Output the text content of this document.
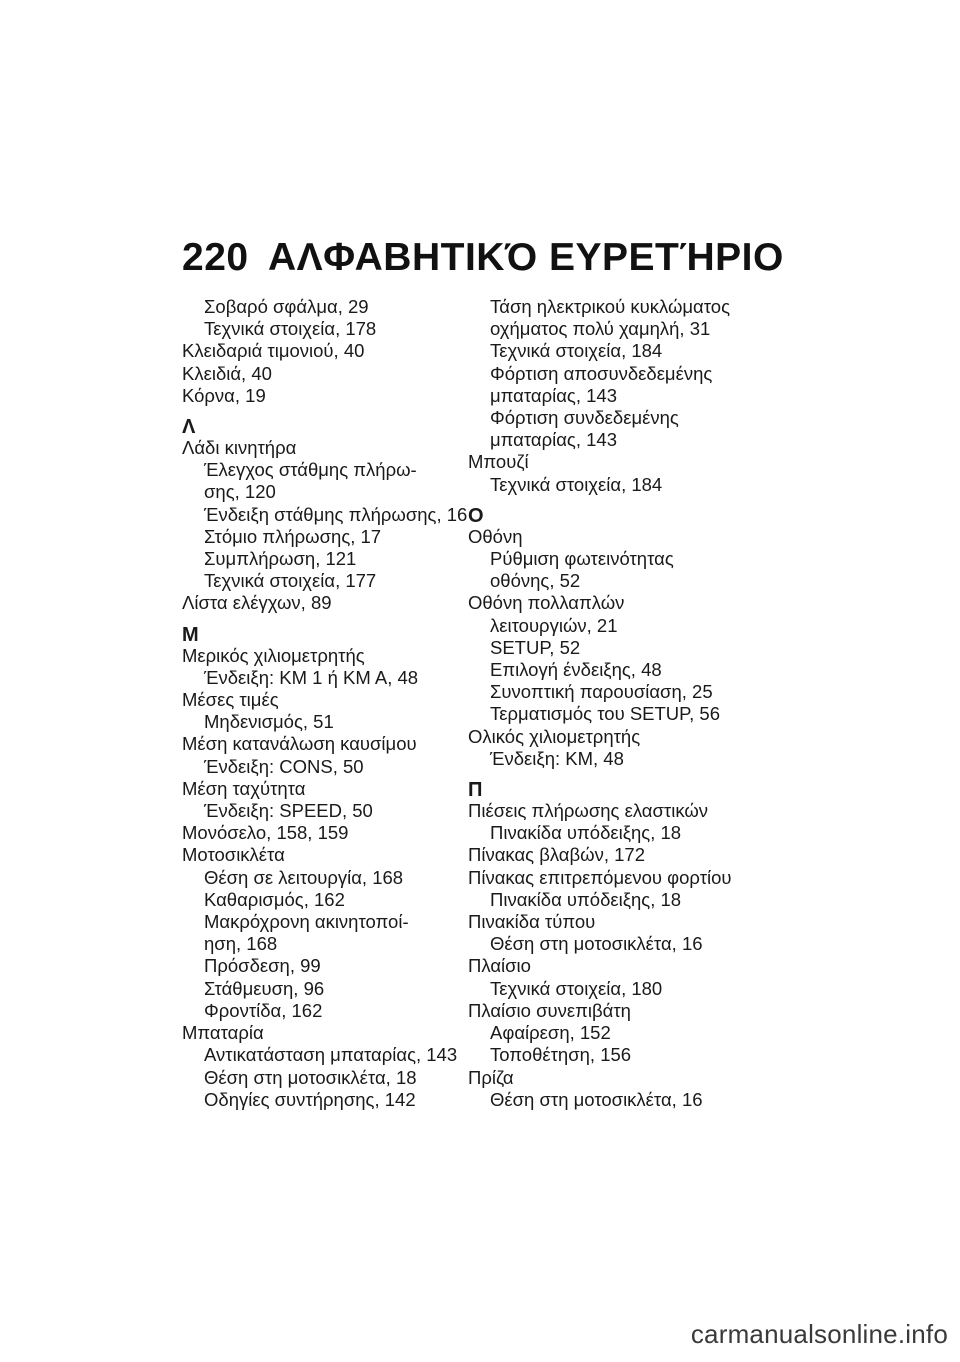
220 ΑΛΦΑΒΗΤΙΚΌ ΕΥΡΕΤΉΡΙΟ
Σοβαρό σφάλμα, 29
Τεχνικά στοιχεία, 178
Κλειδαριά τιμονιού, 40
Κλειδιά, 40
Κόρνα, 19
Λ
Λάδι κινητήρα
Έλεγχος στάθμης πλήρω-
σης, 120
Ένδειξη στάθμης πλήρωσης, 16
Στόμιο πλήρωσης, 17
Συμπλήρωση, 121
Τεχνικά στοιχεία, 177
Λίστα ελέγχων, 89
Μ
Μερικός χιλιομετρητής
Ένδειξη: KM 1 ή KM A, 48
Μέσες τιμές
Μηδενισμός, 51
Μέση κατανάλωση καυσίμου
Ένδειξη: CONS, 50
Μέση ταχύτητα
Ένδειξη: SPEED, 50
Μονόσελο, 158, 159
Μοτοσικλέτα
Θέση σε λειτουργία, 168
Καθαρισμός, 162
Μακρόχρονη ακινητοποί-
ηση, 168
Πρόσδεση, 99
Στάθμευση, 96
Φροντίδα, 162
Μπαταρία
Αντικατάσταση μπαταρίας, 143
Θέση στη μοτοσικλέτα, 18
Οδηγίες συντήρησης, 142
Τάση ηλεκτρικού κυκλώματος
οχήματος πολύ χαμηλή, 31
Τεχνικά στοιχεία, 184
Φόρτιση αποσυνδεδεμένης
μπαταρίας, 143
Φόρτιση συνδεδεμένης
μπαταρίας, 143
Μπουζί
Τεχνικά στοιχεία, 184
Ο
Οθόνη
Ρύθμιση φωτεινότητας
οθόνης, 52
Οθόνη πολλαπλών
λειτουργιών, 21
SETUP, 52
Επιλογή ένδειξης, 48
Συνοπτική παρουσίαση, 25
Τερματισμός του SETUP, 56
Ολικός χιλιομετρητής
Ένδειξη: KM, 48
Π
Πιέσεις πλήρωσης ελαστικών
Πινακίδα υπόδειξης, 18
Πίνακας βλαβών, 172
Πίνακας επιτρεπόμενου φορτίου
Πινακίδα υπόδειξης, 18
Πινακίδα τύπου
Θέση στη μοτοσικλέτα, 16
Πλαίσιο
Τεχνικά στοιχεία, 180
Πλαίσιο συνεπιβάτη
Αφαίρεση, 152
Τοποθέτηση, 156
Πρίζα
Θέση στη μοτοσικλέτα, 16
carmanualsonline.info
